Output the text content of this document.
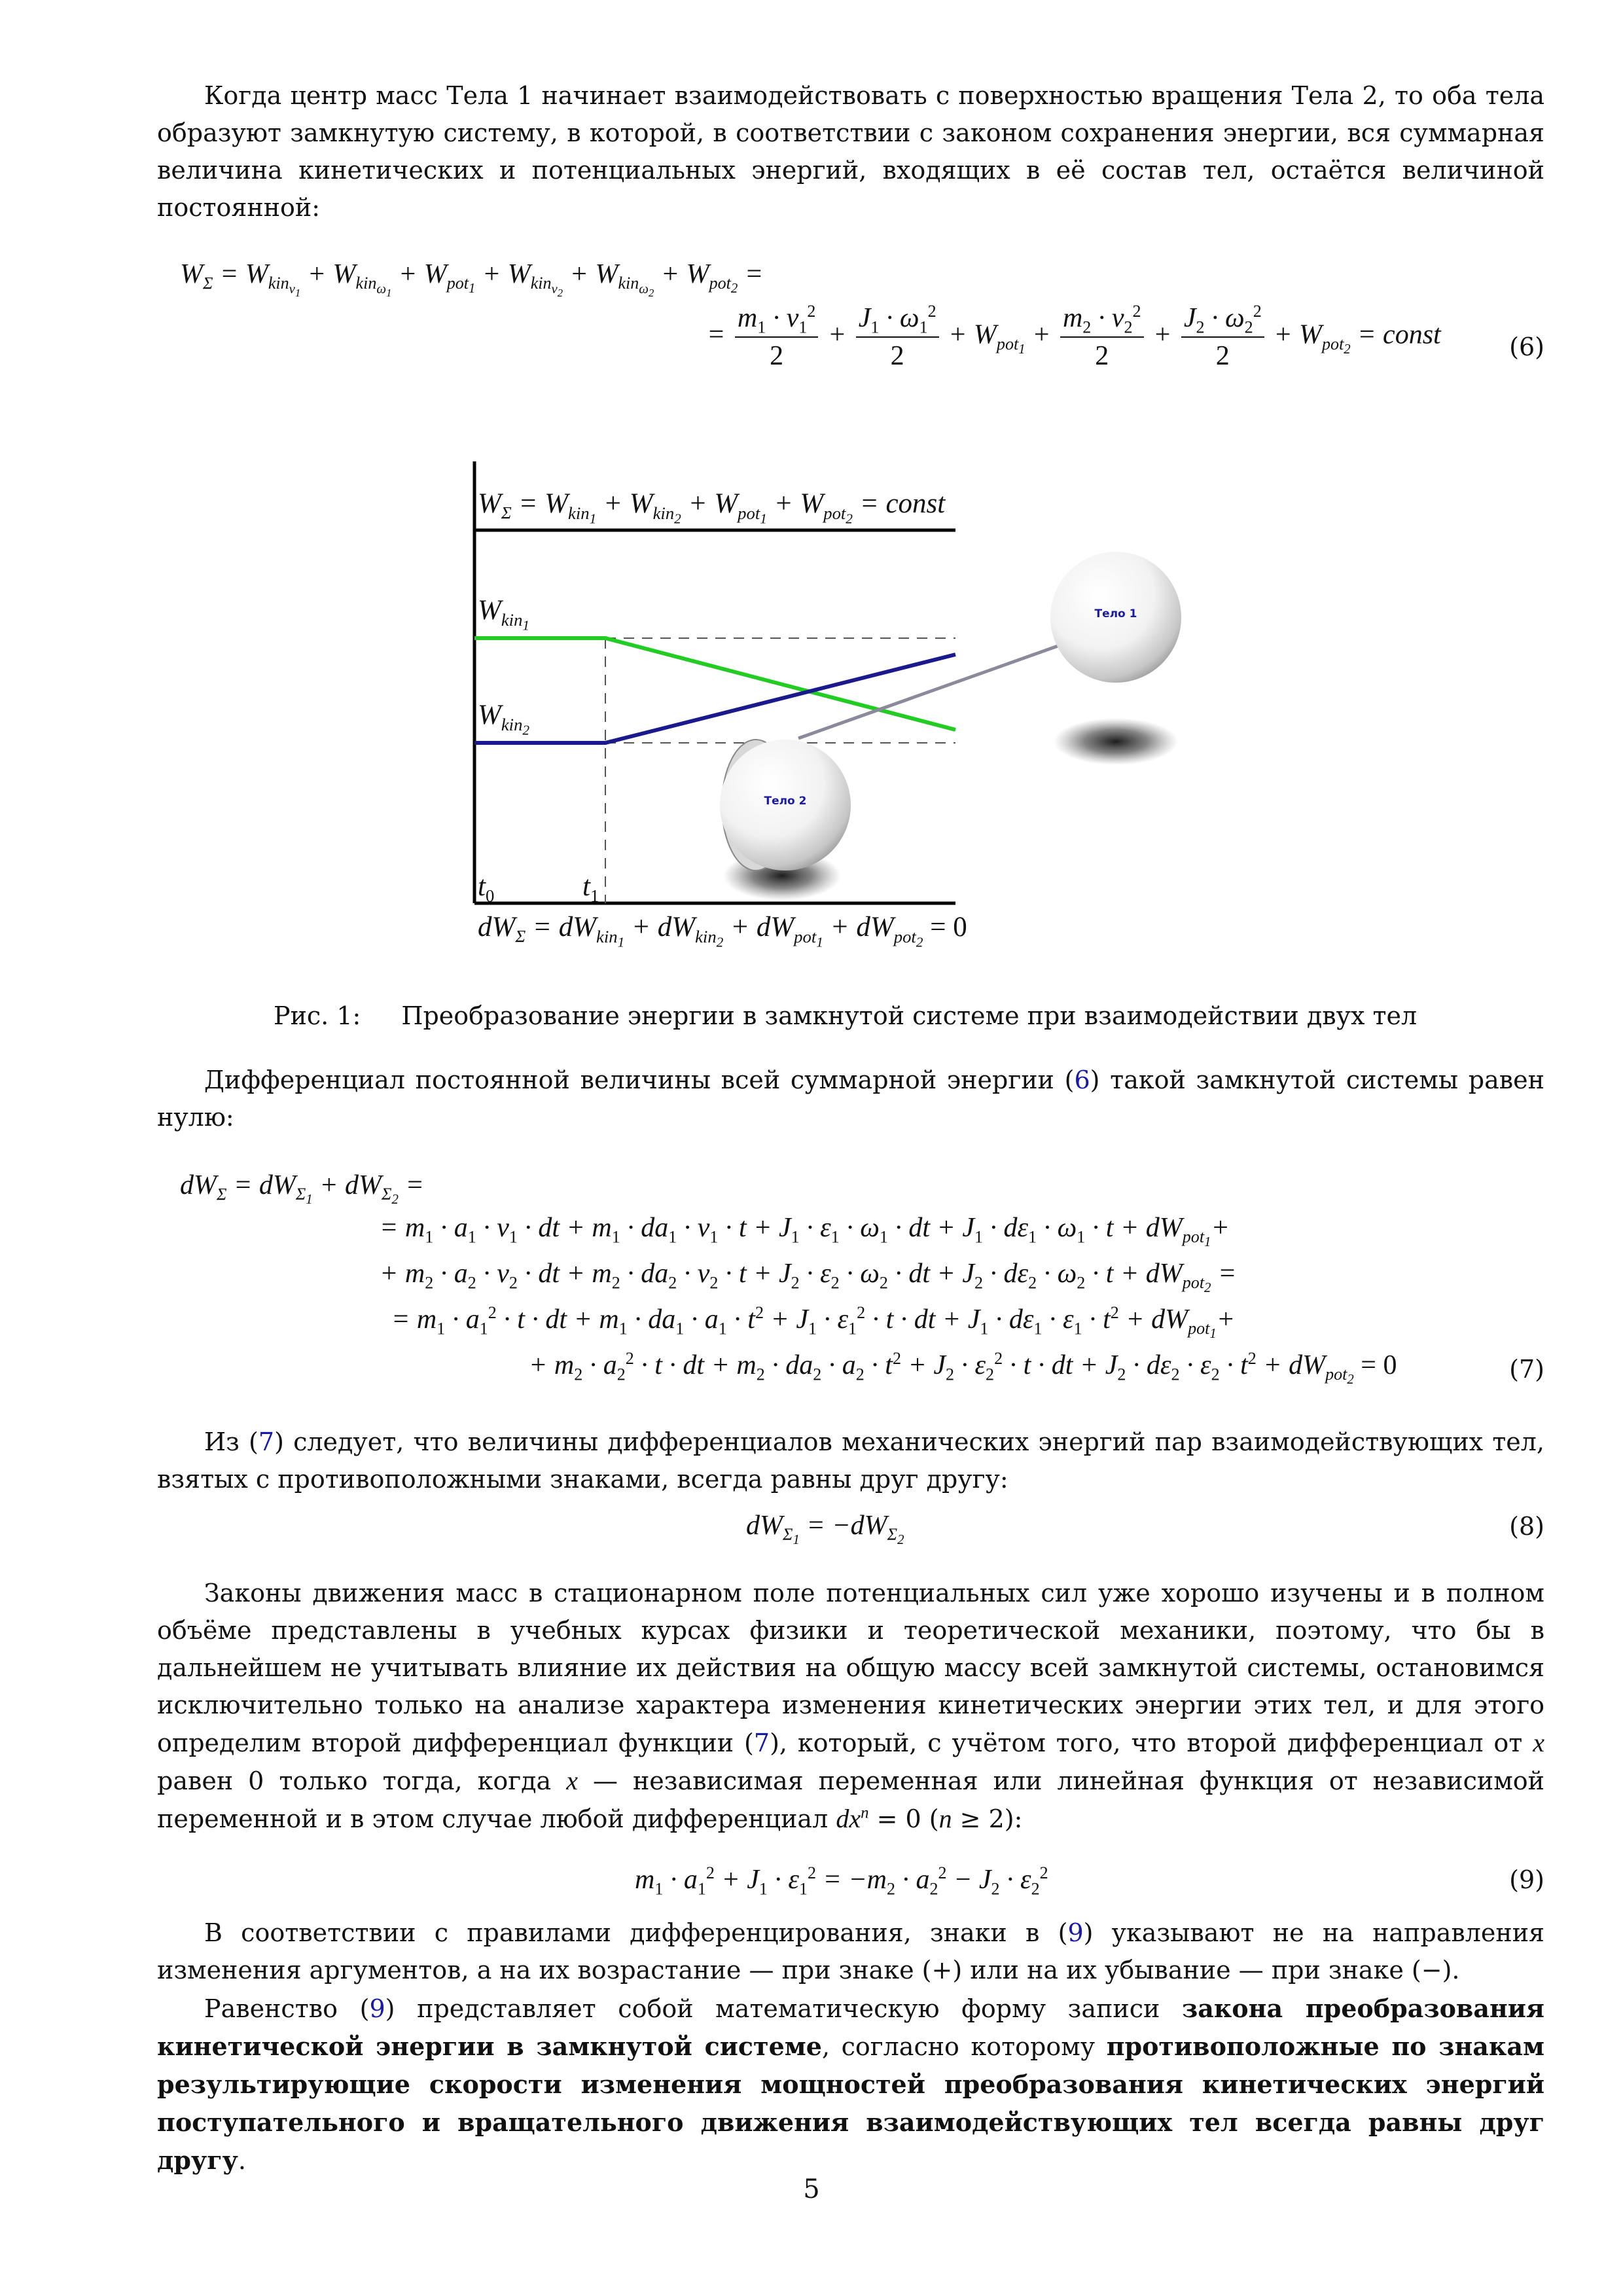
Когда центр масс Тела 1 начинает взаимодействовать с поверхностью вращения Тела 2, то оба тела образуют замкнутую систему, в которой, в соответствии с законом сохранения энергии, вся суммарная величина кинетических и потенциальных энергий, входящих в её состав тел, остаётся величиной постоянной:

$W_\Sigma = W_{kin_{v_1}} + W_{kin_{\omega_1}} + W_{pot_1} + W_{kin_{v_2}} + W_{kin_{\omega_2}} + W_{pot_2}$ =
= $\frac{m_1 \cdot v_1^2}{2} + \frac{J_1 \cdot \omega_1^2}{2} + W_{pot_1} + \frac{m_2 \cdot v_2^2}{2} + \frac{J_2 \cdot \omega_2^2}{2} + W_{pot_2}$ = const	(6)
$W_\Sigma = W_{kin_1} + W_{kin_2} + W_{pot_1} + W_{pot_2}$ = const
$W_{kin_1}$
$W_{kin_2}$
$t_0$	$t_1$
$dW_\Sigma = dW_{kin_1} + dW_{kin_2} + dW_{pot_1} + dW_{pot_2} = 0$
Тело 1
Тело 2
Рис. 1: Преобразование энергии в замкнутой системе при взаимодействии двух тел

Дифференциал постоянной величины всей суммарной энергии (6) такой замкнутой системы равен нулю:

$dW_\Sigma = dW_{\Sigma_1} + dW_{\Sigma_2}$ =
= $m_1 \cdot a_1 \cdot v_1$ · dt + $m_1 \cdot da_1 \cdot v_1 \cdot t + J_1 \cdot \varepsilon_1 \cdot \omega_1$ · dt + $J_1 \cdot d\varepsilon_1 \cdot \omega_1 \cdot t + dW_{pot_1}+$
+ $m_2 \cdot a_2 \cdot v_2$ · dt + $m_2 \cdot da_2 \cdot v_2 \cdot t + J_2 \cdot \varepsilon_2 \cdot \omega_2$ · dt + $J_2 \cdot d\varepsilon_2 \cdot \omega_2 \cdot t + dW_{pot_2}$ =
= $m_1 \cdot a_1^2 \cdot t$ · dt + $m_1 \cdot da_1 \cdot a_1 \cdot t^2 + J_1 \cdot \varepsilon_1^2 \cdot t$ · dt + $J_1 \cdot d\varepsilon_1 \cdot \varepsilon_1 \cdot t^2 + dW_{pot_1}+$
+ $m_2 \cdot a_2^2 \cdot t$ · dt + $m_2 \cdot da_2 \cdot a_2 \cdot t^2 + J_2 \cdot \varepsilon_2^2 \cdot t$ · dt + $J_2 \cdot d\varepsilon_2 \cdot \varepsilon_2 \cdot t^2 + dW_{pot_2} = 0$	(7)

Из (7) следует, что величины дифференциалов механических энергий пар взаимодействующих тел, взятых с противоположными знаками, всегда равны друг другу:

$dW_{\Sigma_1} = -dW_{\Sigma_2}$	(8)

Законы движения масс в стационарном поле потенциальных сил уже хорошо изучены и в полном объёме представлены в учебных курсах физики и теоретической механики, поэтому, что бы в дальнейшем не учитывать влияние их действия на общую массу всей замкнутой системы, остановимся исключительно только на анализе характера изменения кинетических энергии этих тел, и для этого определим второй дифференциал функции (7), который, с учётом того, что второй дифференциал от x равен 0 только тогда, когда x — независимая переменная или линейная функция от независимой переменной и в этом случае любой дифференциал $dx^n = 0$ (n ≥ 2):

$m_1 \cdot a_1^2 + J_1 \cdot \varepsilon_1^2 = -m_2 \cdot a_2^2 - J_2 \cdot \varepsilon_2^2$	(9)

В соответствии с правилами дифференцирования, знаки в (9) указывают не на направления изменения аргументов, а на их возрастание — при знаке (+) или на их убывание — при знаке (−).

Равенство (9) представляет собой математическую форму записи закона преобразования кинетической энергии в замкнутой системе, согласно которому противоположные по знакам результирующие скорости изменения мощностей преобразования кинетических энергий поступательного и вращательного движения взаимодействующих тел всегда равны друг другу.

5
